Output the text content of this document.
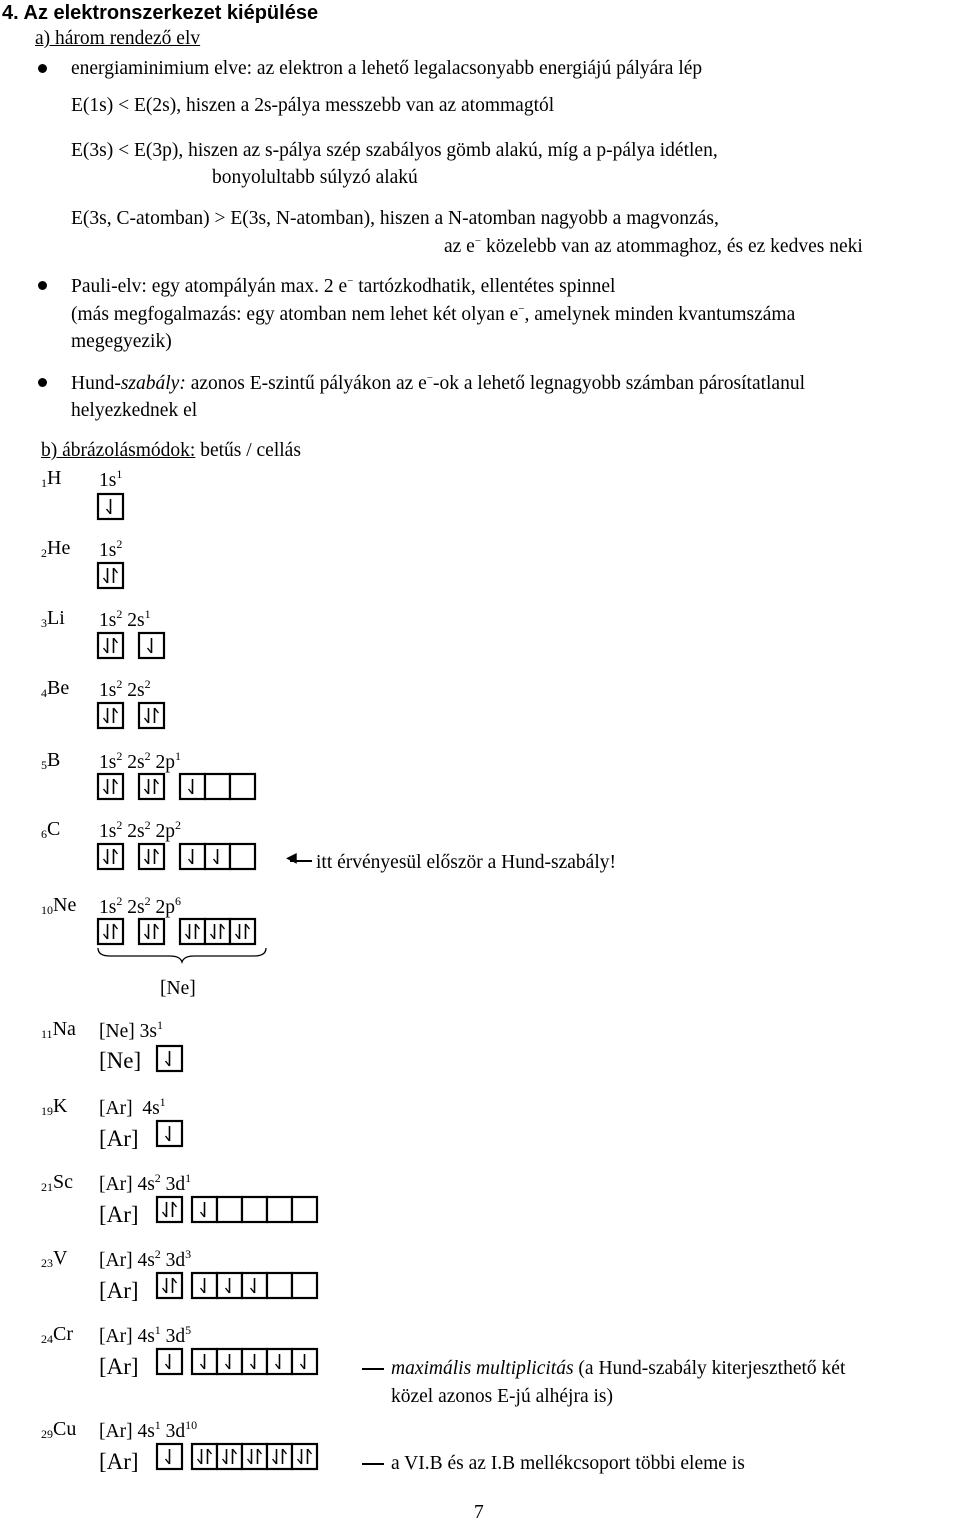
4. Az elektronszerkezet kiépülése
a) három rendező elv
energiaminimium elve: az elektron a lehető legalacsonyabb energiájú pályára lép
E(1s) < E(2s), hiszen a 2s-pálya messzebb van az atommagtól
E(3s) < E(3p), hiszen az s-pálya szép szabályos gömb alakú, míg a p-pálya idétlen,
bonyolultabb súlyzó alakú
E(3s, C-atomban) > E(3s, N-atomban), hiszen a N-atomban nagyobb a magvonzás,
az e− közelebb van az atommaghoz, és ez kedves neki
Pauli-elv: egy atompályán max. 2 e− tartózkodhatik, ellentétes spinnel
(más megfogalmazás: egy atomban nem lehet két olyan e−, amelynek minden kvantumszáma
megegyezik)
Hund-szabály: azonos E-szintű pályákon az e−-ok a lehető legnagyobb számban párosítatlanul
helyezkednek el
b) ábrázolásmódok: betűs / cellás
$_1$H $1s^1$
$_2$He $1s^2$
$_3$Li $1s^2$ $2s^1$
$_4$Be $1s^2$ $2s^2$
$_5$B $1s^2$ $2s^2$ $2p^1$
$_6$C $1s^2$ $2s^2$ $2p^2$
$_{10}$Ne $1s^2$ $2s^2$ $2p^6$
[Ne]
$_{11}$Na [Ne] $3s^1$
$_{19}$K [Ar] $4s^1$
$_{21}$Sc [Ar] $4s^2$ $3d^1$
$_{23}$V [Ar] $4s^2$ $3d^3$
$_{24}$Cr [Ar] $4s^1$ $3d^5$
$_{29}$Cu [Ar] $4s^1$ $3d^{10}$
[Ne]
[Ar]
[Ar]
[Ar]
[Ar]
[Ar]
◀ itt érvényesül először a Hund-szabály!
maximális multiplicitás (a Hund-szabály kiterjeszthető két
közel azonos E-jú alhéjra is)
a VI.B és az I.B mellékcsoport többi eleme is
7
